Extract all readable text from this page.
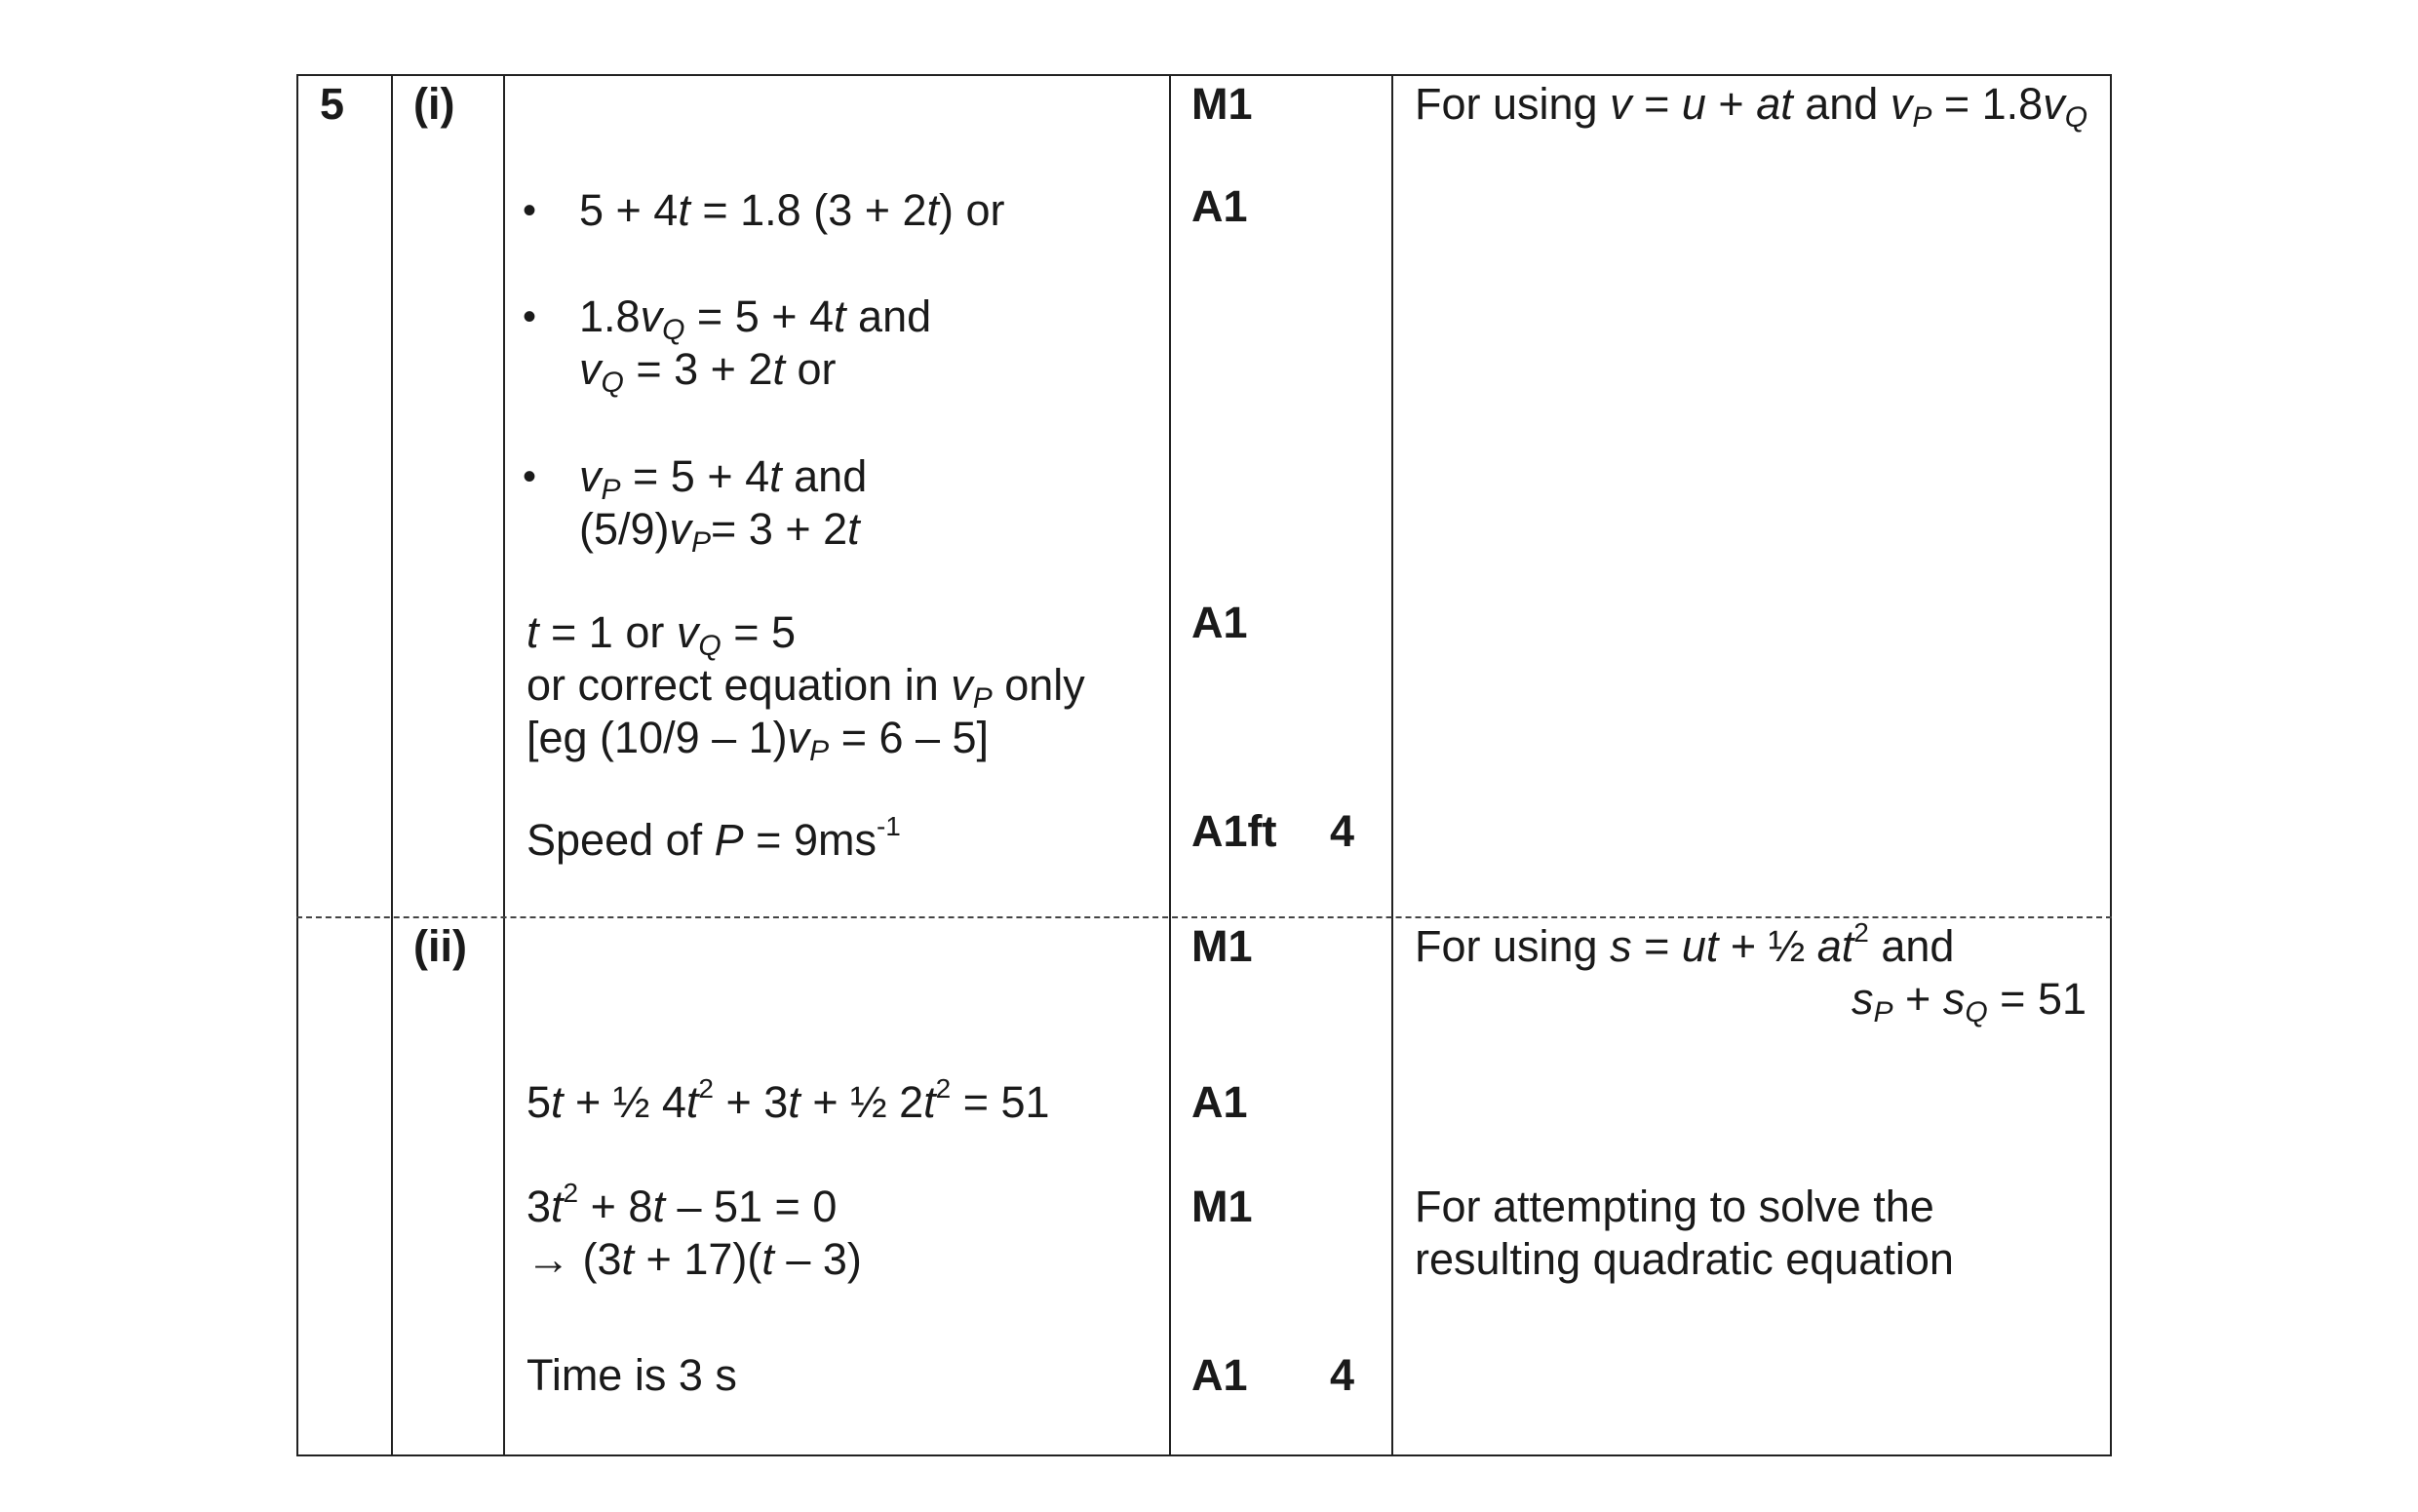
5 (i)
(ii)
• 5 + 4t = 1.8 (3 + 2t) or
• $1.8v_Q = 5 + 4t$ and
$v_Q = 3 + 2t$ or
• $v_P = 5 + 4t$ and
$(5/9)v_P= 3 + 2t$
t = 1 or $v_Q = 5$
or correct equation in $v_P$ only
[eg $(10/9 - 1)v_P = 6 - 5$]
Speed of $P = 9ms^{-1}$
M1
A1
A1
A1ft 4
For using v = u + at and $v_P = 1.8v_Q$
5t + ½ $4t^2 + 3t$ + ½ $2t^2 = 51$
$3t^2 + 8t - 51 = 0$
→ (3t + 17)(t – 3)
Time is 3 s
M1
A1
M1
A1 4
For using s = ut + ½ $at^2$ and
$s_P + s_Q = 51$
For attempting to solve the
resulting quadratic equation
